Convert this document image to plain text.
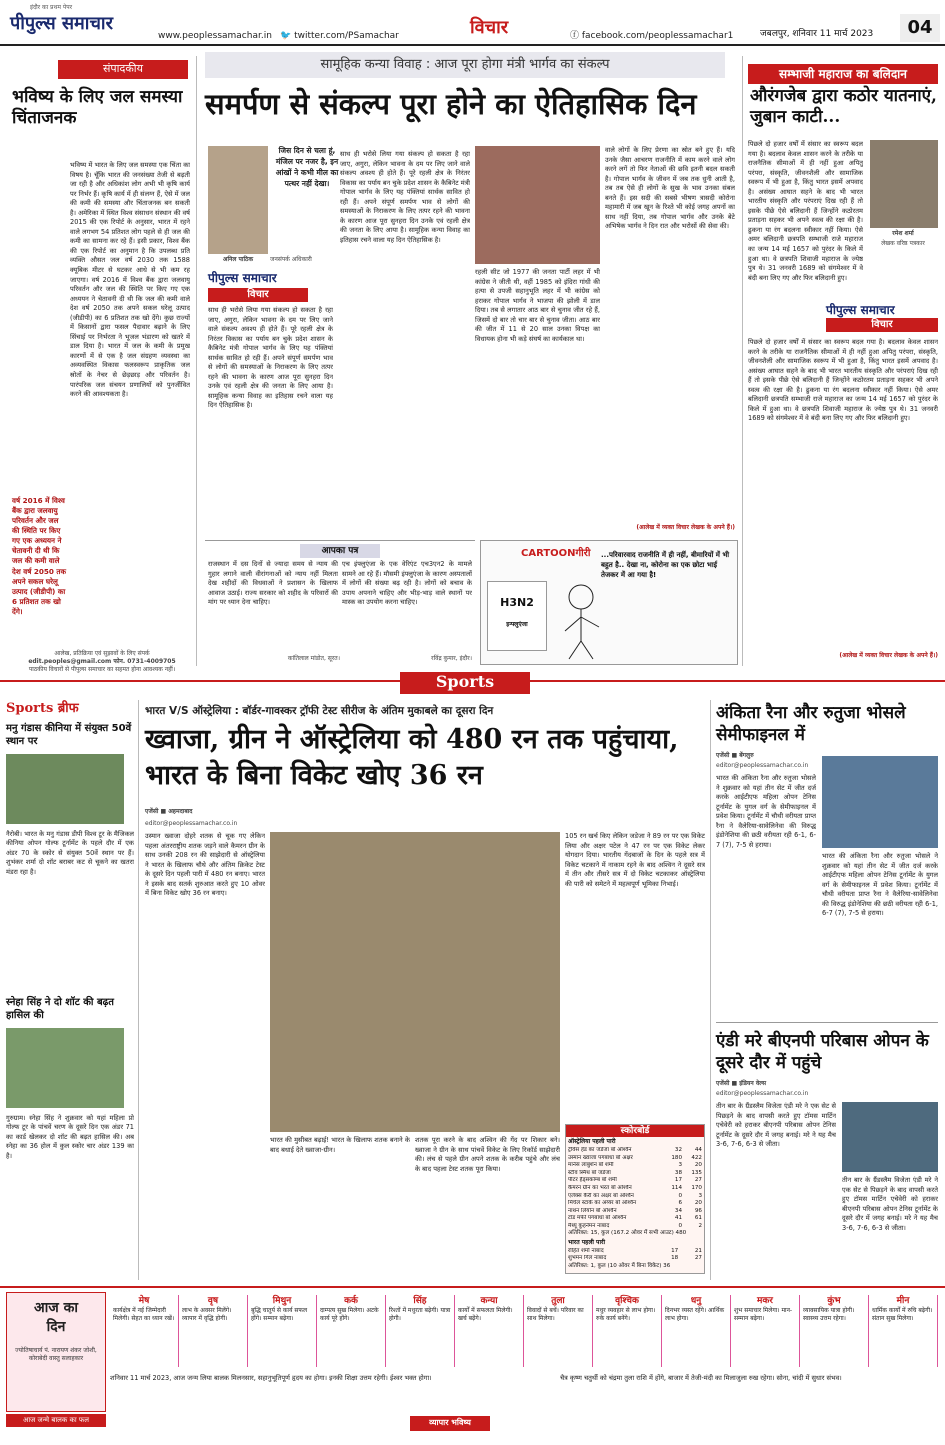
इंदौर का प्रथम पेपर
पीपुल्स समाचार
www.peoplessamachar.in 🐦 twitter.com/PSamachar	विचार	ⓕ facebook.com/peoplessamachar1	जबलपुर, शनिवार 11 मार्च 2023	04
संपादकीय
भविष्य के लिए जल समस्या चिंताजनक
भविष्य में भारत के लिए जल समस्या एक चिंता का विषय है। चूँकि भारत की जनसंख्या तेजी से बढ़ती जा रही है और अधिकांश लोग अभी भी कृषि कार्य पर निर्भर हैं। कृषि कार्य में ही संलग्न हैं, ऐसे में जल की कमी की समस्या और चिंताजनक बन सकती है। अमेरिका में स्थित विश्व संसाधन संस्थान की वर्ष 2015 की एक रिपोर्ट के अनुसार, भारत में रहने वाले लगभग 54 प्रतिशत लोग पहले से ही जल की कमी का सामना कर रहे हैं। इसी प्रकार, विश्व बैंक की एक रिपोर्ट का अनुमान है कि उपलब्ध प्रति व्यक्ति औसत जल वर्ष 2030 तक 1588 क्यूबिक मीटर से घटकर आधे से भी कम रह जाएगा। वर्ष 2016 में विश्व बैंक द्वारा जलवायु परिवर्तन और जल की स्थिति पर किए गए एक अध्ययन ने चेतावनी दी थी कि जल की कमी वाले देश वर्ष 2050 तक अपने सकल घरेलू उत्पाद (जीडीपी) का 6 प्रतिशत तक खो देंगे। कुछ राज्यों में किसानों द्वारा फसल पैदावार बढ़ाने के लिए सिंचाई पर निर्भरता ने भूजल भंडारण को खतरे में डाल दिया है। भारत में जल के कमी के प्रमुख कारणों में से एक है जल संग्रहण व्यवस्था का अव्यवस्थित विकास फलस्वरूप प्राकृतिक जल स्रोतों के नेचर से छेड़छाड़ और परिवर्तन है। पारंपरिक जल संचयन प्रणालियों को पुनर्जीवित करने की आवश्यकता है।
वर्ष 2016 में विश्व बैंक द्वारा जलवायु परिवर्तन और जल की स्थिति पर किए गए एक अध्ययन ने चेतावनी दी थी कि जल की कमी वाले देश वर्ष 2050 तक अपने सकल घरेलू उत्पाद (जीडीपी) का 6 प्रतिशत तक खो देंगे।
आलेख, प्रतिक्रिया एवं सुझावों के लिए संपर्क
edit.peoples@gmail.com फोन. 0731-4009705
पाठकीय विचारों से पीपुल्स समाचार का सहमत होना आवश्यक नहीं।
सामूहिक कन्या विवाह : आज पूरा होगा मंत्री भार्गव का संकल्प
समर्पण से संकल्प पूरा होने का ऐतिहासिक दिन
अनिल पाठिक	जनसंपर्क अधिकारी
जिस दिन से चला हूं, मंजिल पर नजर है, इन आंखों ने कभी मील का पत्थर नहीं देखा।
पीपुल्स समाचार
विचार
साथ ही भरोसे लिया गया संकल्प हो सकता है रहा जाए, अगुरा, लेकिन भावना के दम पर लिए जाने वाले संकल्प अवश्य ही होते हैं। पूरे रहली क्षेत्र के निरंतर विकास का पर्याय बन चुके प्रदेश शासन के कैबिनेट मंत्री गोपाल भार्गव के लिए यह पंक्तियां सार्थक सावित हो रही हैं। अपने संपूर्ण समर्पण भाव से लोगों की समस्याओं के निराकरण के लिए तत्पर रहने की भावना के कारण आज पूरा सुनहरा दिन उनके एवं रहली क्षेत्र की जनता के लिए आया है। सामूहिक कन्या विवाह का इतिहास रचने वाला यह दिन ऐतिहासिक है।
साथ ही भरोसे लिया गया संकल्प हो सकता है रहा जाए, अगुरा, लेकिन भावना के दम पर लिए जाने वाले संकल्प अवश्य ही होते हैं। पूरे रहली क्षेत्र के निरंतर विकास का पर्याय बन चुके प्रदेश शासन के कैबिनेट मंत्री गोपाल भार्गव के लिए यह पंक्तियां सार्थक सावित हो रही हैं। अपने संपूर्ण समर्पण भाव से लोगों की समस्याओं के निराकरण के लिए तत्पर रहने की भावना के कारण आज पूरा सुनहरा दिन उनके एवं रहली क्षेत्र की जनता के लिए आया है। सामूहिक कन्या विवाह का इतिहास रचने वाला यह दिन ऐतिहासिक है।
रहली सीट जो 1977 की जनता पार्टी लहर में भी कांग्रेस ने जीती थी, वहीं 1985 को इंदिरा गांधी की हत्या से उपजी सहानुभूति लहर में भी कांग्रेस को हराकर गोपाल भार्गव ने भाजपा की झोली में डाल दिया। तब से लगातार आठ बार से चुनाव जीत रहे हैं, जिसमें दो बार तो चार बार से चुनाव जीता। आठ बार की जीत में 11 से 20 साल उनका विपक्ष का विधायक होना भी कड़े संघर्ष का कार्यकाल था।
वाले लोगों के लिए प्रेरणा का स्रोत बने हुए हैं। यदि उनके जैसा आचरण राजनीति में काम करने वाले लोग करने लगें तो फिर नेताओं की छवि इतनी बदल सकती है। गोपाल भार्गव के जीवन में जब तक धुनी आती है, तब तब ऐसे ही लोगों के सुख के भाव उनका संबल बनते हैं। इस सदी की सबसे भीषण त्रासदी कोरोना महामारी में जब खून के रिश्ते भी कोई जगह अपनों का साथ नहीं दिया, तब गोपाल भार्गव और उनके बेटे अभिषेक भार्गव ने दिन रात और भरोसों की सेवा की।
(आलेख में व्यक्त विचार लेखक के अपने हैं।)
सम्भाजी महाराज का बलिदान
औरंगजेब द्वारा कठोर यातनाएं, जुबान काटी...
रमेश शर्मा
लेखक वरिष्ठ पत्रकार
पीपुल्स समाचार
विचार
पिछले दो हजार वर्षों में संसार का स्वरूप बदल गया है। बदलाव केवल शासन करने के तरीके या राजनैतिक सीमाओं में ही नहीं हुआ अपितु परंपरा, संस्कृति, जीवनशैली और सामाजिक स्वरूप में भी हुआ है, किंतु भारत इसमें अपवाद है। असंख्य आघात सहने के बाद भी भारत भारतीय संस्कृति और परंपराएं दिख रही हैं तो इसके पीछे ऐसे बलिदानी हैं जिन्होंने कठोरतम प्रताड़ना सहकर भी अपने स्वत्व की रक्षा की है। ढुकना या रंग बदलना स्वीकार नहीं किया। ऐसे अमर बलिदानी छत्रपति सम्भाजी राजे महाराज का जन्म 14 मई 1657 को पुरंदर के किले में हुआ था। वे छत्रपति शिवाजी महाराज के ज्येष्ठ पुत्र थे। 31 जनवरी 1689 को संगमेश्वर में वे बंदी बना लिए गए और फिर बलिदानी हुए।
पिछले दो हजार वर्षों में संसार का स्वरूप बदल गया है। बदलाव केवल शासन करने के तरीके या राजनैतिक सीमाओं में ही नहीं हुआ अपितु परंपरा, संस्कृति, जीवनशैली और सामाजिक स्वरूप में भी हुआ है, किंतु भारत इसमें अपवाद है। असंख्य आघात सहने के बाद भी भारत भारतीय संस्कृति और परंपराएं दिख रही हैं तो इसके पीछे ऐसे बलिदानी हैं जिन्होंने कठोरतम प्रताड़ना सहकर भी अपने स्वत्व की रक्षा की है। ढुकना या रंग बदलना स्वीकार नहीं किया। ऐसे अमर बलिदानी छत्रपति सम्भाजी राजे महाराज का जन्म 14 मई 1657 को पुरंदर के किले में हुआ था। वे छत्रपति शिवाजी महाराज के ज्येष्ठ पुत्र थे। 31 जनवरी 1689 को संगमेश्वर में वे बंदी बना लिए गए और फिर बलिदानी हुए।
(आलेख में व्यक्त विचार लेखक के अपने हैं।)
आपका पत्र
राजस्थान में दस दिनों से ज्यादा समय से न्याय की गुहार लगाने वाली वीरांगनाओं को न्याय नहीं मिलता देख शहीदों की विधवाओं ने प्रशासन के खिलाफ आवाज उठाई। राज्य सरकार को शहीद के परिवारों की मांग पर ध्यान देना चाहिए।
कांतिलाल मांडोत, सूरत।
एच इंफ्लुएंजा के एक वेरिएंट एच3एन2 के मामले सामने आ रहे हैं। मौसमी इंफ्लुएंजा के कारण अस्पतालों में लोगों की संख्या बढ़ रही है। लोगों को बचाव के उपाय अपनाने चाहिए और भीड़-भाड़ वाले स्थानों पर मास्क का उपयोग करना चाहिए।
रविंद्र कुमार, इंदौर।
CARTOONगीरी
H3N2
इन्फ्लुएंजा
...परिवारवाद राजनीति में ही नहीं, बीमारियों में भी बहुत है.. देखा ना, कोरोना का एक छोटा भाई तेजकर में आ गया है!
Sports
Sports ब्रीफ
मनु गंडास कीनिया में संयुक्त 50वें स्थान पर
नैरोबी। भारत के मनु गंडास डीपी विश्व टूर के मैजिकल कीनिया ओपन गोल्फ टूर्नामेंट के पहले दौर में एक अंडर 70 के स्कोर से संयुक्त 50वें स्थान पर हैं। शुभंकर शर्मा दो शॉट बराबर कट से चूकने का खतरा मंडरा रहा है।
स्नेहा सिंह ने दो शॉट की बढ़त हासिल की
गुरुग्राम। स्नेहा सिंह ने शुक्रवार को यहां महिला प्रो गोल्फ टूर के पांचवें चरण के दूसरे दिन एक अंडर 71 का कार्ड खेलकर दो शॉट की बढ़त हासिल की। अब स्नेहा का 36 होल में कुल स्कोर चार अंडर 139 का है।
भारत V/S ऑस्ट्रेलिया : बॉर्डर-गावस्कर ट्रॉफी टेस्ट सीरीज के अंतिम मुकाबले का दूसरा दिन
ख्वाजा, ग्रीन ने ऑस्ट्रेलिया को 480 रन तक पहुंचाया, भारत के बिना विकेट खोए 36 रन
एजेंसी ■ अहमदाबाद
editor@peoplessamachar.co.in
उस्मान ख्वाजा दोहरे शतक से चूक गए लेकिन पहला अंतरराष्ट्रीय शतक जड़ने वाले कैमरन ग्रीन के साथ उनकी 208 रन की साझेदारी से ऑस्ट्रेलिया ने भारत के खिलाफ चौथे और अंतिम क्रिकेट टेस्ट के दूसरे दिन पहली पारी में 480 रन बनाए। भारत ने इसके बाद सतर्क शुरुआत करते हुए 10 ओवर में बिना विकेट खोए 36 रन बनाए।
भारत की मुसीबत बढ़ाई! भारत के खिलाफ शतक बनाने के बाद बधाई देते ख्वाजा-ग्रीन।
105 रन खर्च किए लेकिन जडेजा ने 89 रन पर एक विकेट लिया और अक्षर पटेल ने 47 रन पर एक विकेट लेकर योगदान दिया। भारतीय गेंदबाजों के दिन के पहले सत्र में विकेट चटकाने में नाकाम रहने के बाद अश्विन ने दूसरे सत्र में तीन और तीसरे सत्र में दो विकेट चटकाकर ऑस्ट्रेलिया की पारी को समेटने में महत्वपूर्ण भूमिका निभाई।
शतक पूरा करने के बाद अश्विन की गेंद पर शिकार बने। ख्वाजा ने ग्रीन के साथ पांचवें विकेट के लिए रिकॉर्ड साझेदारी की। लंच से पहले ग्रीन अपने शतक के करीब पहुंचे और लंच के बाद पहला टेस्ट शतक पूरा किया।
स्कोरबोर्ड
ऑस्ट्रेलिया पहली पारी
ट्रेविस हेड का जडेजा बो अश्विन	32	44
उस्मान ख्वाजा पगबाधा बो अक्षर	180	422
मार्नस लाबुशेन बो शमी	3	20
स्टीव स्मिथ बो जडेजा	38	135
पीटर हैंड्सकॉम्ब बो शमी	17	27
कैमरन ग्रीन का भरत बो अश्विन	114	170
एलेक्स कैरी का अक्षर बो अश्विन	0	3
मिचेल स्टार्क का अय्यर बो अश्विन	6	20
नाथन लियोन बो अश्विन	34	96
टॉड मर्फी पगबाधा बो अश्विन	41	61
मैथ्यू कुहनेमन नाबाद	0	2
अतिरिक्त: 15, कुल (167.2 ओवर में सभी आउट) 480
भारत पहली पारी
रोहित शर्मा नाबाद	17	21
शुभमन गिल नाबाद	18	27
अतिरिक्त: 1, कुल (10 ओवर में बिना विकेट) 36
अंकिता रैना और रुतुजा भोसले सेमीफाइनल में
एजेंसी ■ बेंगलुरु
editor@peoplessamachar.co.in
भारत की अंकिता रैना और रुतुजा भोसले ने शुक्रवार को यहां तीन सेट में जीत दर्ज करके आईटीएफ महिला ओपन टेनिस टूर्नामेंट के युगल वर्ग के सेमीफाइनल में प्रवेश किया। टूर्नामेंट में चौथी वरीयता प्राप्त रैना ने वैलेरिया-सावेलिनेवा की विरुद्ध इंडोनेशिया की छठी वरीयता रही 6-1, 6-7 (7), 7-5 से हराया।
भारत की अंकिता रैना और रुतुजा भोसले ने शुक्रवार को यहां तीन सेट में जीत दर्ज करके आईटीएफ महिला ओपन टेनिस टूर्नामेंट के युगल वर्ग के सेमीफाइनल में प्रवेश किया। टूर्नामेंट में चौथी वरीयता प्राप्त रैना ने वैलेरिया-सावेलिनेवा की विरुद्ध इंडोनेशिया की छठी वरीयता रही 6-1, 6-7 (7), 7-5 से हराया।
एंडी मरे बीएनपी परिबास ओपन के दूसरे दौर में पहुंचे
एजेंसी ■ इंडियन वेल्स
editor@peoplessamachar.co.in
तीन बार के ग्रैंडस्लैम विजेता एंडी मरे ने एक सेट से पिछड़ने के बाद वापसी करते हुए टॉमस मार्टिन एचेवेरी को हराकर बीएनपी परिबास ओपन टेनिस टूर्नामेंट के दूसरे दौर में जगह बनाई। मरे ने यह मैच 3-6, 7-6, 6-3 से जीता।
तीन बार के ग्रैंडस्लैम विजेता एंडी मरे ने एक सेट से पिछड़ने के बाद वापसी करते हुए टॉमस मार्टिन एचेवेरी को हराकर बीएनपी परिबास ओपन टेनिस टूर्नामेंट के दूसरे दौर में जगह बनाई। मरे ने यह मैच 3-6, 7-6, 6-3 से जीता।
आज का
दिन
ज्योतिषाचार्य पं. नारायण शंकर जोशी, कोराबेदी वास्तु सलाहकार
मेष
कार्यक्षेत्र में नई जिम्मेदारी मिलेगी। सेहत का ध्यान रखें।
वृष
लाभ के अवसर मिलेंगे। व्यापार में वृद्धि होगी।
मिथुन
बुद्धि चातुर्य से कार्य सफल होंगे। सम्मान बढ़ेगा।
कर्क
दाम्पत्य सुख मिलेगा। अटके कार्य पूरे होंगे।
सिंह
रिश्तों में मधुरता बढ़ेगी। यात्रा होगी।
कन्या
कार्यों में सफलता मिलेगी। खर्च बढ़ेंगे।
तुला
विवादों से बचें। परिवार का साथ मिलेगा।
वृश्चिक
मधुर व्यवहार से लाभ होगा। रुके कार्य बनेंगे।
धनु
दिनभर व्यस्त रहेंगे। आर्थिक लाभ होगा।
मकर
शुभ समाचार मिलेगा। मान-सम्मान बढ़ेगा।
कुंभ
व्यावसायिक यात्रा होगी। स्वास्थ्य उत्तम रहेगा।
मीन
धार्मिक कार्यों में रुचि बढ़ेगी। संतान सुख मिलेगा।
आज जन्मे बालक का फल
शनिवार 11 मार्च 2023, आज जन्म लिया बालक मिलनसार, सहानुभूतिपूर्ण हृदय का होगा। इनकी शिक्षा उत्तम रहेगी। ईश्वर भक्त होगा।
व्यापार भविष्य
चैत्र कृष्ण चतुर्थी को चंद्रमा तुला राशि में होंगे, बाजार में तेजी-मंदी का मिलाजुला रुख रहेगा। सोना, चांदी में सुधार संभव।
